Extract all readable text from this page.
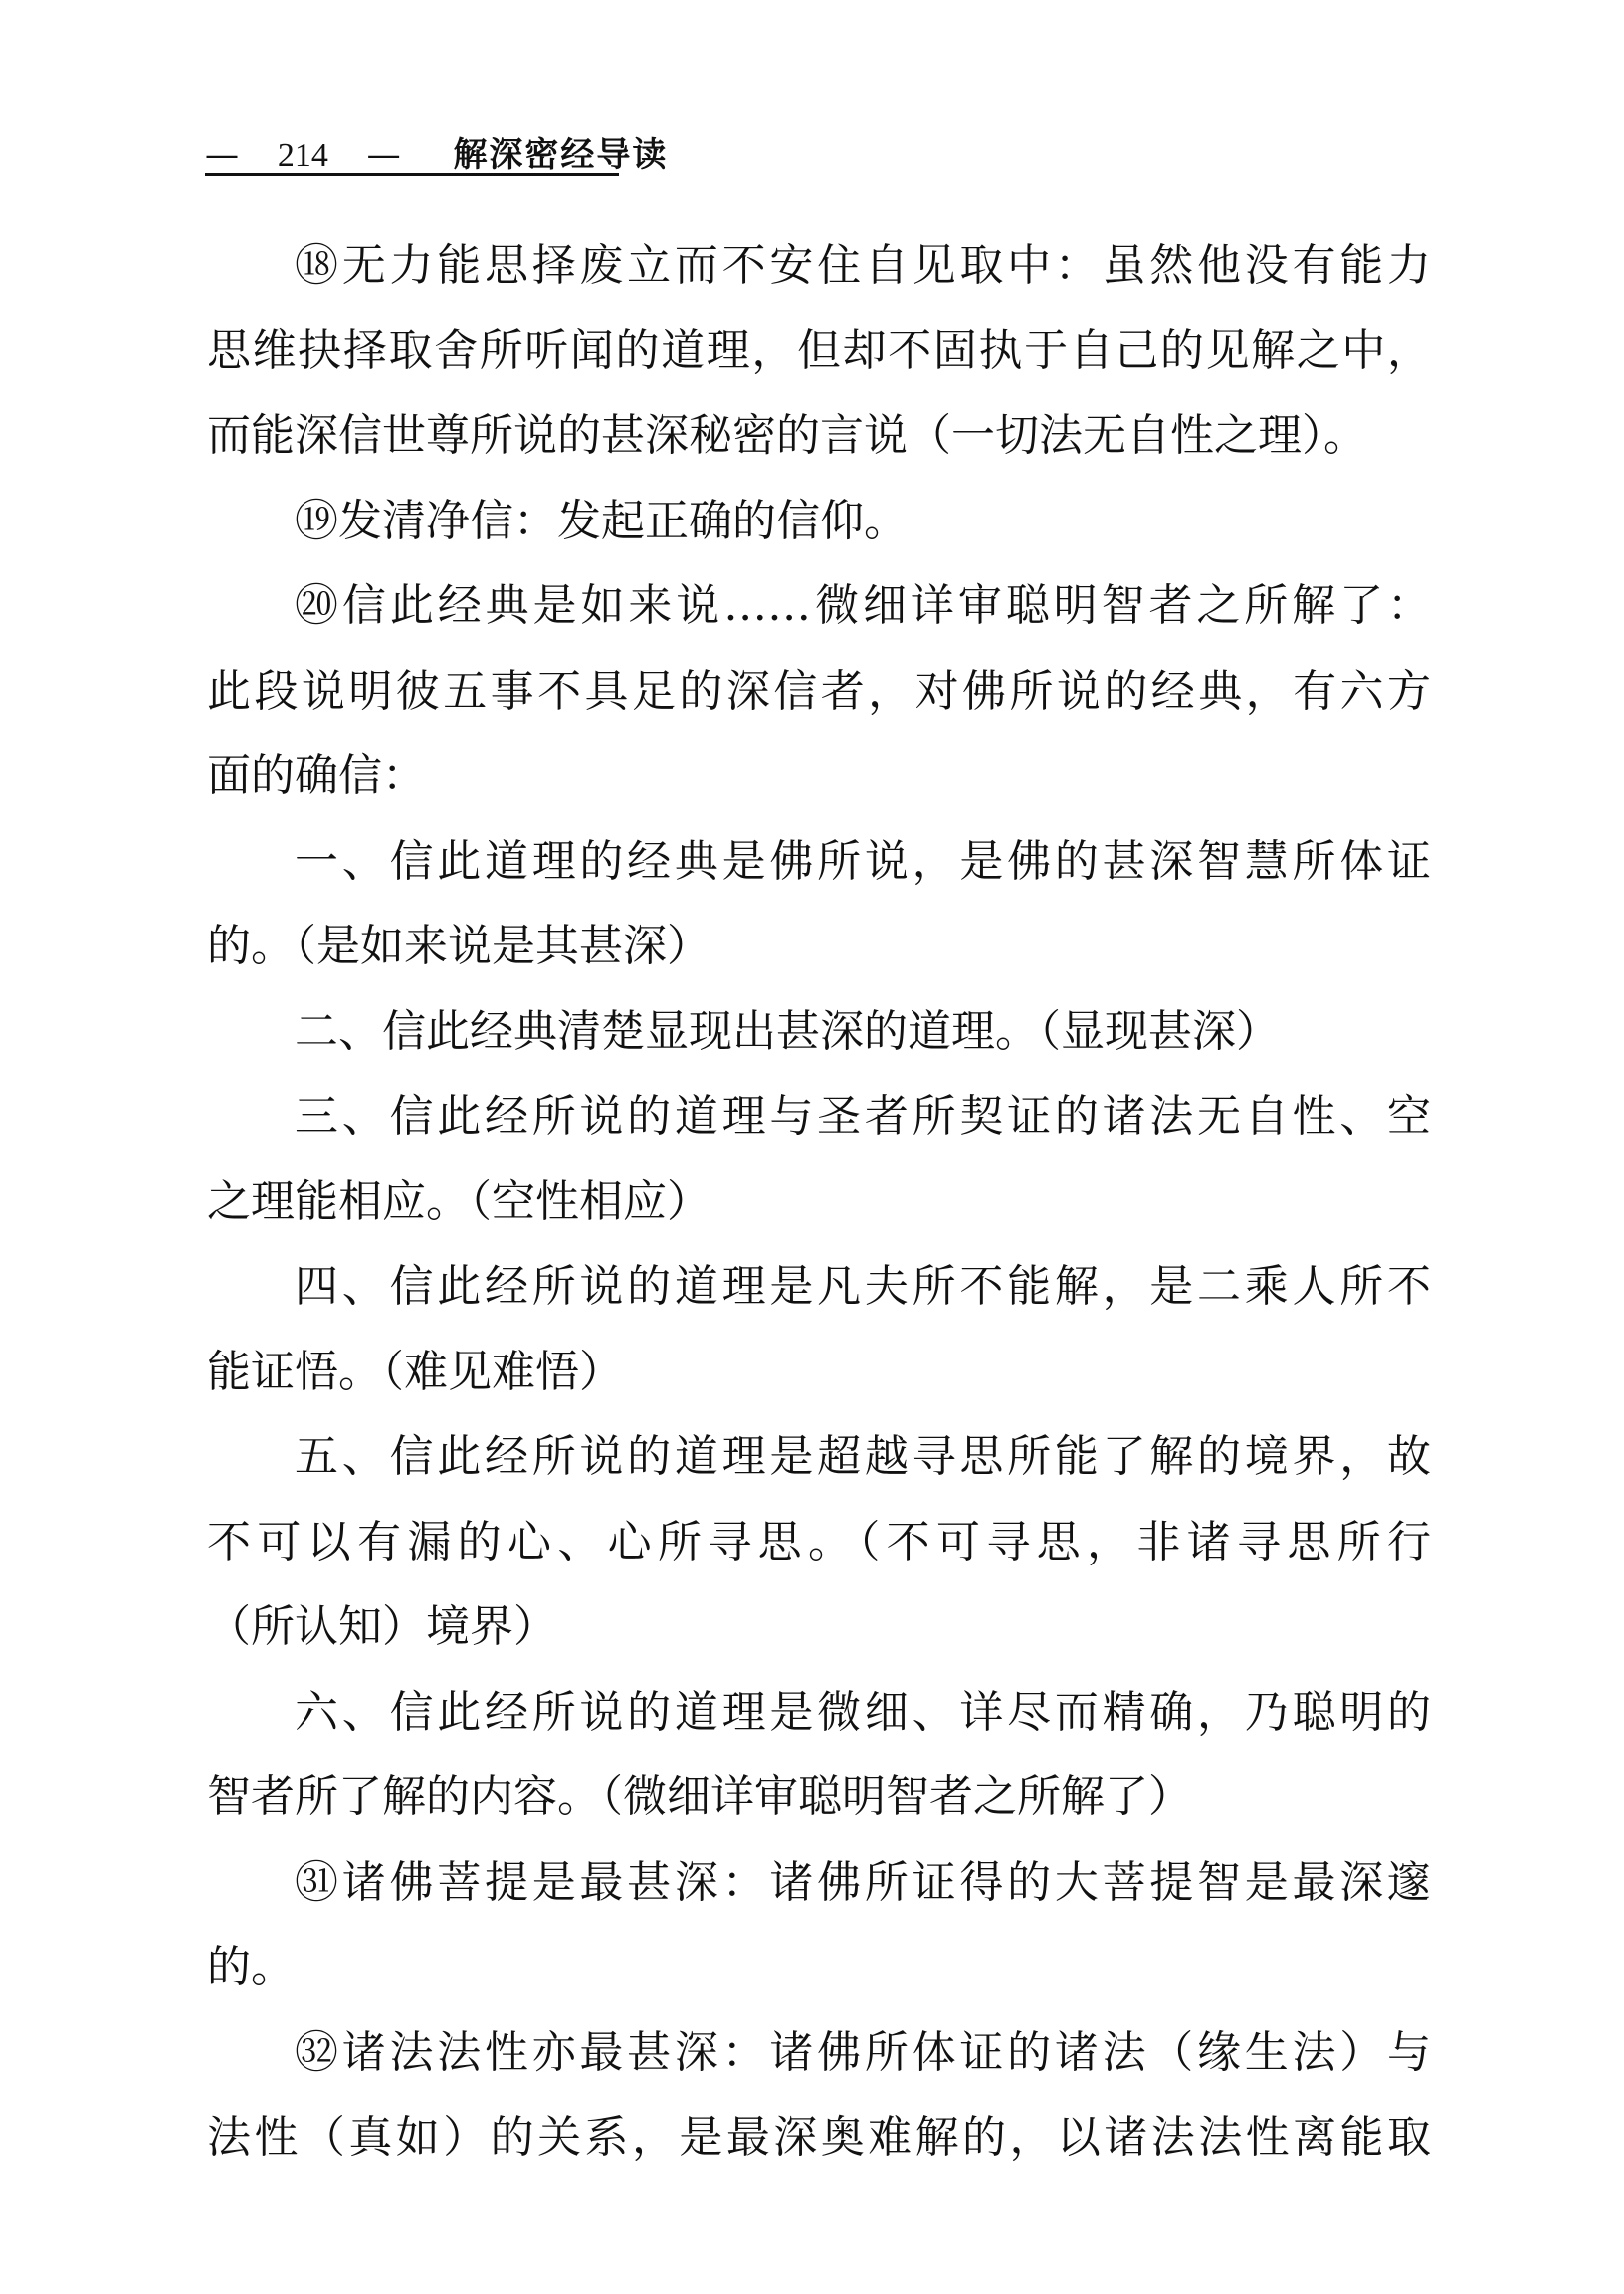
— 214 — 解深密经导读
⑱无力能思择废立而不安住自见取中：虽然他没有能力
思维抉择取舍所听闻的道理，但却不固执于自己的见解之中，
而能深信世尊所说的甚深秘密的言说（一切法无自性之理）。
⑲发清净信：发起正确的信仰。
⑳信此经典是如来说……微细详审聪明智者之所解了：
此段说明彼五事不具足的深信者，对佛所说的经典，有六方
面的确信：
一、信此道理的经典是佛所说，是佛的甚深智慧所体证
的。（是如来说是其甚深）
二、信此经典清楚显现出甚深的道理。（显现甚深）
三、信此经所说的道理与圣者所契证的诸法无自性、空
之理能相应。（空性相应）
四、信此经所说的道理是凡夫所不能解，是二乘人所不
能证悟。（难见难悟）
五、信此经所说的道理是超越寻思所能了解的境界，故
不可以有漏的心、心所寻思。（不可寻思，非诸寻思所行
（所认知）境界）
六、信此经所说的道理是微细、详尽而精确，乃聪明的
智者所了解的内容。（微细详审聪明智者之所解了）
㉛诸佛菩提是最甚深：诸佛所证得的大菩提智是最深邃
的。
㉜诸法法性亦最甚深：诸佛所体证的诸法（缘生法）与
法性（真如）的关系，是最深奥难解的，以诸法法性离能取
